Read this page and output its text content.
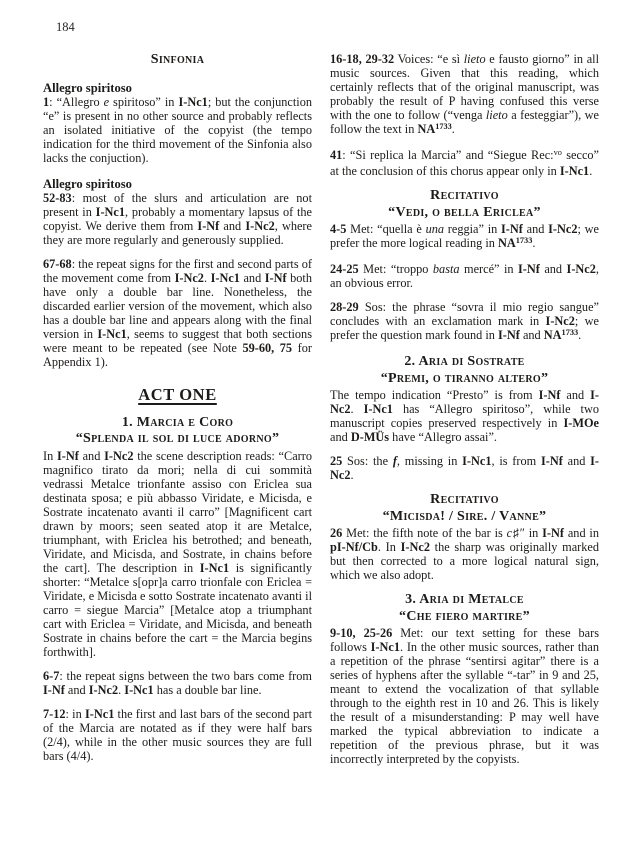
184
Sinfonia
Allegro spiritoso
1: “Allegro e spiritoso” in I-Nc1; but the conjunction “e” is present in no other source and probably reflects an isolated initiative of the copyist (the tempo indication for the third movement of the Sinfonia also lacks the conjuction).
Allegro spiritoso
52-83: most of the slurs and articulation are not present in I-Nc1, probably a momentary lapsus of the copyist. We derive them from I-Nf and I-Nc2, where they are more regularly and generously supplied.
67-68: the repeat signs for the first and second parts of the movement come from I-Nc2. I-Nc1 and I-Nf both have only a double bar line. Nonetheless, the discarded earlier version of the movement, which also has a double bar line and appears along with the final version in I-Nc1, seems to suggest that both sections were meant to be repeated (see Note 59-60, 75 for Appendix 1).
ACT ONE
1. Marcia e Coro
“Splenda il sol di luce adorno”
In I-Nf and I-Nc2 the scene description reads: “Carro magnifico tirato da mori; nella di cui sommità vedrassi Metalce trionfante assiso con Ericlea sua destinata sposa; e più abbasso Viridate, e Micisda, e Sostrate incatenato avanti il carro” [Magnificent cart drawn by moors; seen seated atop it are Metalce, triumphant, with Ericlea his betrothed; and beneath, Viridate, and Micisda, and Sostrate, in chains before the cart]. The description in I-Nc1 is significantly shorter: “Metalce s[opr]a carro trionfale con Ericlea = Viridate, e Micisda e sotto Sostrate incatenato avanti il carro = siegue Marcia” [Metalce atop a triumphant cart with Ericlea = Viridate, and Micisda, and beneath Sostrate in chains before the cart = the Marcia begins forthwith].
6-7: the repeat signs between the two bars come from I-Nf and I-Nc2. I-Nc1 has a double bar line.
7-12: in I-Nc1 the first and last bars of the second part of the Marcia are notated as if they were half bars (2/4), while in the other music sources they are full bars (4/4).
16-18, 29-32 Voices: “e sì lieto e fausto giorno” in all music sources. Given that this reading, which certainly reflects that of the original manuscript, was probably the result of P having confused this verse with the one to follow (“venga lieto a festeggiar”), we follow the text in $NA^{1733}$.
41: “Si replica la Marcia” and “Siegue Rec:$^{vo}$ secco” at the conclusion of this chorus appear only in I-Nc1.
Recitativo
“Vedi, o bella Ericlea”
4-5 Met: “quella è una reggia” in I-Nf and I-Nc2; we prefer the more logical reading in $NA^{1733}$.
24-25 Met: “troppo basta mercé” in I-Nf and I-Nc2, an obvious error.
28-29 Sos: the phrase “sovra il mio regio sangue” concludes with an exclamation mark in I-Nc2; we prefer the question mark found in I-Nf and $NA^{1733}$.
2. Aria di Sostrate
“Premi, o tiranno altero”
The tempo indication “Presto” is from I-Nf and I-Nc2. I-Nc1 has “Allegro spiritoso”, while two manuscript copies preserved respectively in I-MOe and D-MÜs have “Allegro assai”.
25 Sos: the f, missing in I-Nc1, is from I-Nf and I-Nc2.
Recitativo
“Micisda! / Sire. / Vanne”
26 Met: the fifth note of the bar is c♯″ in I-Nf and in pI-Nf/Cb. In I-Nc2 the sharp was originally marked but then corrected to a more logical natural sign, which we also adopt.
3. Aria di Metalce
“Che fiero martire”
9-10, 25-26 Met: our text setting for these bars follows I-Nc1. In the other music sources, rather than a repetition of the phrase “sentirsi agitar” there is a series of hyphens after the syllable “-tar” in 9 and 25, meant to extend the vocalization of that syllable through to the eighth rest in 10 and 26. This is likely the result of a misunderstanding: P may well have marked the typical abbreviation to indicate a repetition of the previous phrase, but it was incorrectly interpreted by the copyists.
